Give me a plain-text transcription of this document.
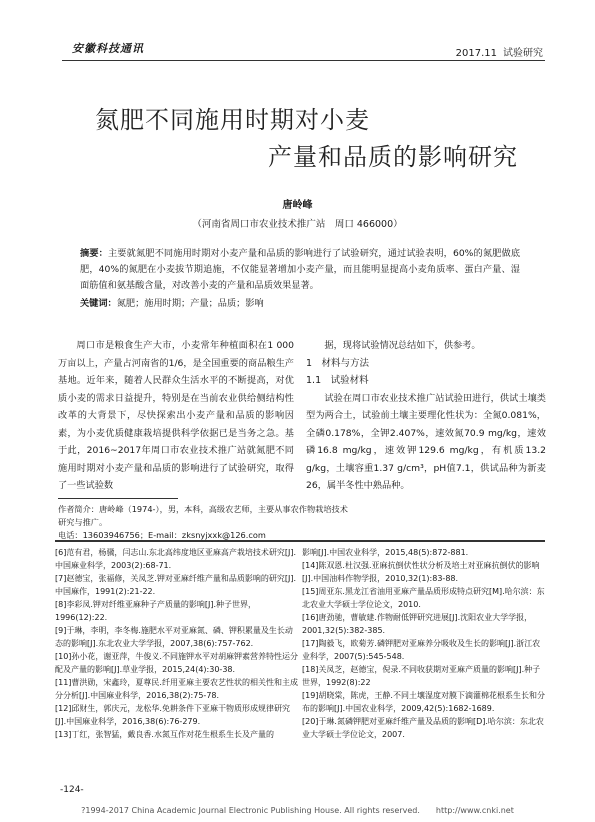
安徽科技通讯	2017.11 试验研究
氮肥不同施用时期对小麦
产量和品质的影响研究
唐岭峰
（河南省周口市农业技术推广站　周口 466000）
摘要：主要就氮肥不同施用时期对小麦产量和品质的影响进行了试验研究，通过试验表明，60%的氮肥做底肥，40%的氮肥在小麦拔节期追施，不仅能显著增加小麦产量，而且能明显提高小麦角质率、蛋白产量、湿面筋值和氨基酸含量，对改善小麦的产量和品质效果显著。
关键词：氮肥；施用时期；产量；品质；影响
周口市是粮食生产大市，小麦常年种植面积在1 000万亩以上，产量占河南省的1/6，是全国重要的商品粮生产基地。近年来，随着人民群众生活水平的不断提高，对优质小麦的需求日益提升，特别是在当前农业供给侧结构性改革的大背景下，尽快探索出小麦产量和品质的影响因素，为小麦优质健康栽培提供科学依据已是当务之急。基于此，2016~2017年周口市农业技术推广站就氮肥不同施用时期对小麦产量和品质的影响进行了试验研究，取得了一些试验数

据，现将试验情况总结如下，供参考。

1　材料与方法
1.1　试验材料

试验在周口市农业技术推广站试验田进行，供试土壤类型为两合土，试验前土壤主要理化性状为：全氮0.081%，全磷0.178%，全钾2.407%，速效氮70.9 mg/kg，速效磷16.8 mg/kg，速效钾129.6 mg/kg，有机质13.2 g/kg，土壤容重1.37 g/cm³，pH值7.1，供试品种为新麦26，属半冬性中熟品种。

作者简介：唐岭峰（1974-），男，本科，高级农艺师，主要从事农作物栽培技术研究与推广。
电话：13603946756；E-mail：zksnyjxxk@126.com
[6]范有君，杨骥，闫志山.东北高纬度地区亚麻高产栽培技术研究[J].中国麻业科学，2003(2):68-71.
[7]赵德宝，张福修，关凤芝.钾对亚麻纤维产量和品质影响的研究[J].中国麻作，1991(2):21-22.
[8]李彩凤.钾对纤维亚麻种子产质量的影响[J].种子世界，1996(12):22.
[9]于琳，李明，李冬梅.施肥水平对亚麻氮、磷、钾积累量及生长动态的影响[J].东北农业大学学报，2007,38(6):757-762.
[10]孙小花，谢亚萍，牛俊义.不同施钾水平对胡麻钾素营养特性运分配及产量的影响[J].草业学报，2015,24(4):30-38.
[11]曹洪勋，宋鑫玲，夏尊民.纤用亚麻主要农艺性状的相关性和主成分分析[J].中国麻业科学，2016,38(2):75-78.
[12]邱财生，郭庆元，龙松华.免耕条件下亚麻干物质形成规律研究[J].中国麻业科学，2016,38(6):76-279.
[13]丁红，张智猛，戴良香.水氮互作对花生根系生长及产量的
影响[J].中国农业科学，2015,48(5):872-881.
[14]陈双恩.杜汉强.亚麻抗倒伏性状分析及培土对亚麻抗倒伏的影响[J].中国油料作物学报，2010,32(1):83-88.
[15]周亚东.黑龙江省油用亚麻产量品质形成特点研究[M].哈尔滨：东北农业大学硕士学位论文，2010.
[16]唐劲驰，曹敏建.作物耐低钾研究进展[J].沈阳农业大学学报，2001,32(5):382-385.
[17]陶毅飞，欧菊芳.磷钾肥对亚麻养分吸收及生长的影响[J].浙江农业科学，2007(5):545-548.
[18]关凤芝，赵德宝，倪录.不同收获期对亚麻产质量的影响[J].种子世界，1992(8):22
[19]胡晓棠，陈虎，王静.不同土壤湿度对膜下滴灌棉花根系生长和分布的影响[J].中国农业科学，2009,42(5):1682-1689.
[20]于琳.氮磷钾肥对亚麻纤维产量及品质的影响[D].哈尔滨：东北农业大学硕士学位论文，2007.
-124-
?1994-2017 China Academic Journal Electronic Publishing House. All rights reserved.　　http://www.cnki.net
